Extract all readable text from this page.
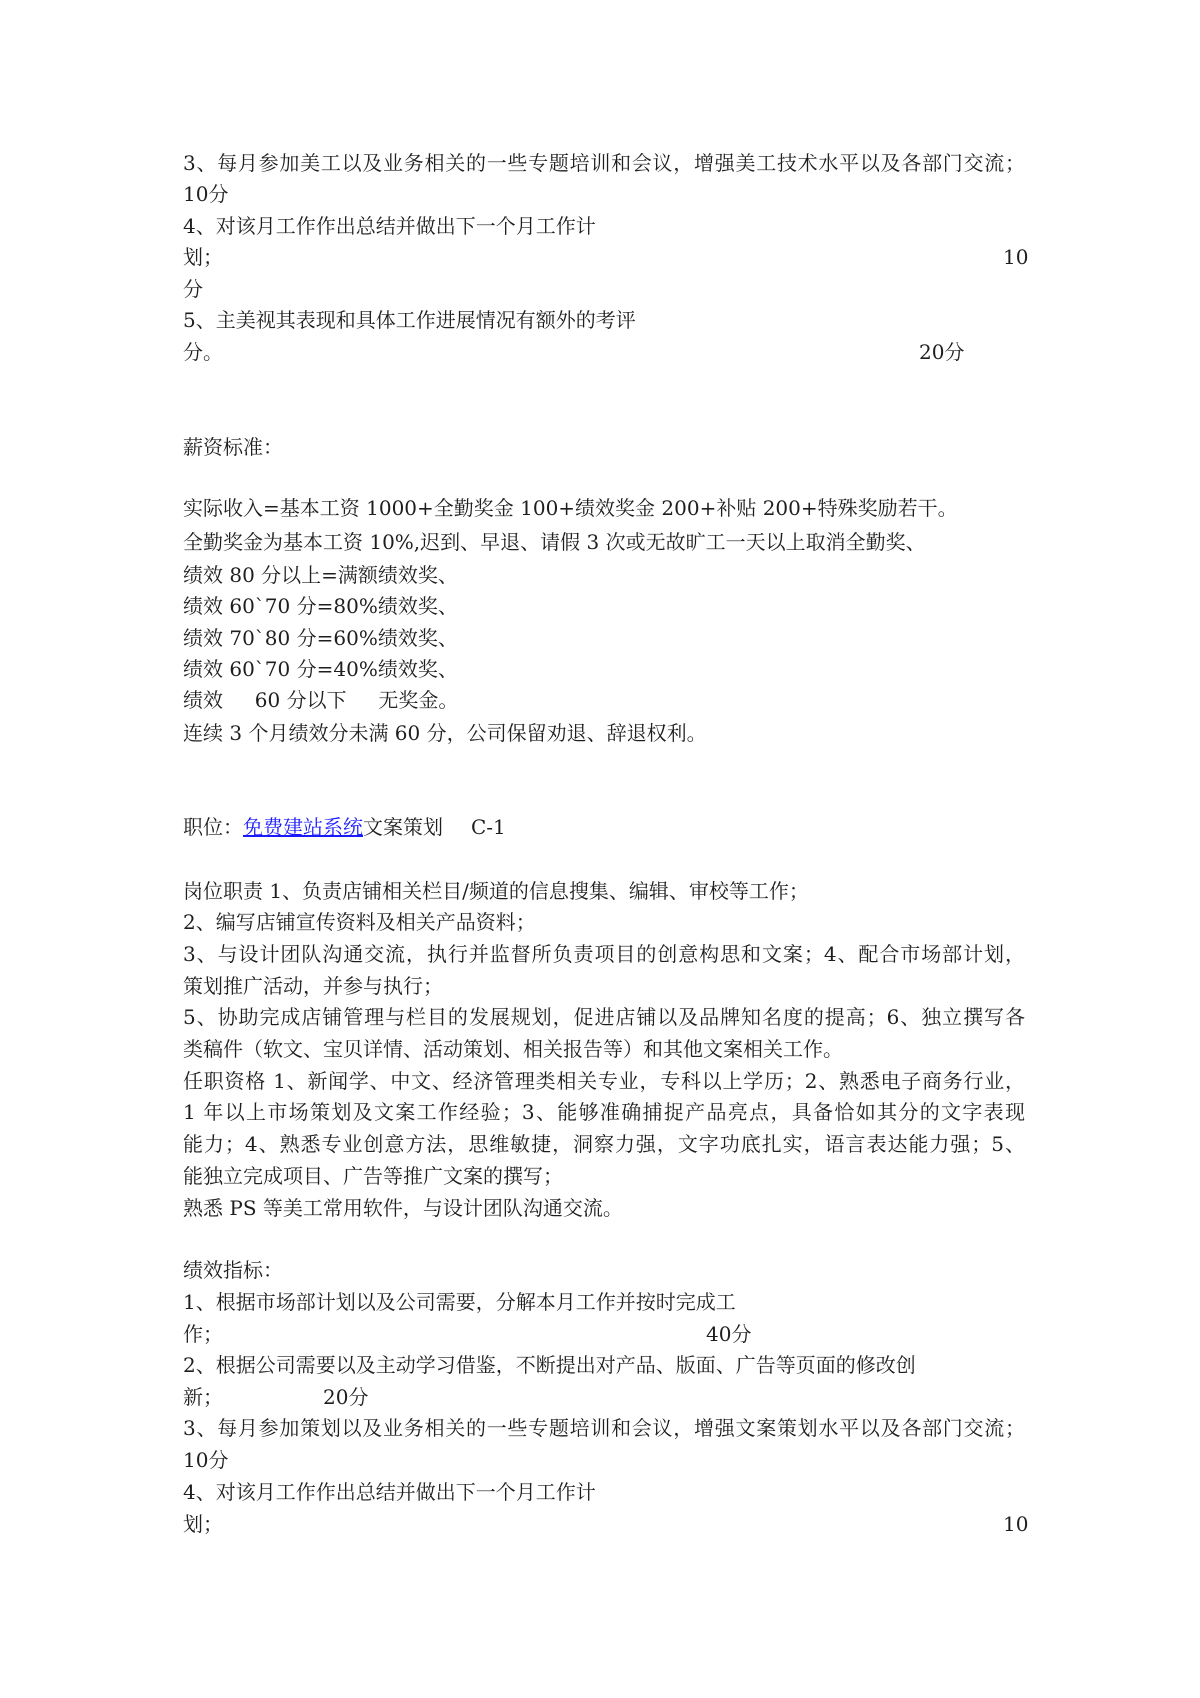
3、每月参加美工以及业务相关的一些专题培训和会议，增强美工技术水平以及各部门交流；
10分
4、对该月工作作出总结并做出下一个月工作计
划；	10
分
5、主美视其表现和具体工作进展情况有额外的考评
分。	20分
薪资标准：
实际收入=基本工资 1000+全勤奖金 100+绩效奖金 200+补贴 200+特殊奖励若干。
全勤奖金为基本工资 10%,迟到、早退、请假 3 次或无故旷工一天以上取消全勤奖、
绩效 80 分以上=满额绩效奖、
绩效 60`70 分=80%绩效奖、
绩效 70`80 分=60%绩效奖、
绩效 60`70 分=40%绩效奖、
绩效     60 分以下     无奖金。
连续 3 个月绩效分未满 60 分，公司保留劝退、辞退权利。
职位：免费建站系统文案策划 C-1
岗位职责 1、负责店铺相关栏目/频道的信息搜集、编辑、审校等工作；
2、编写店铺宣传资料及相关产品资料；
3、与设计团队沟通交流，执行并监督所负责项目的创意构思和文案；4、配合市场部计划，
策划推广活动，并参与执行；
5、协助完成店铺管理与栏目的发展规划，促进店铺以及品牌知名度的提高；6、独立撰写各
类稿件（软文、宝贝详情、活动策划、相关报告等）和其他文案相关工作。
任职资格 1、新闻学、中文、经济管理类相关专业，专科以上学历；2、熟悉电子商务行业，
1 年以上市场策划及文案工作经验；3、能够准确捕捉产品亮点，具备恰如其分的文字表现
能力；4、熟悉专业创意方法，思维敏捷，洞察力强，文字功底扎实，语言表达能力强；5、
能独立完成项目、广告等推广文案的撰写；
熟悉 PS 等美工常用软件，与设计团队沟通交流。
绩效指标：
1、根据市场部计划以及公司需要，分解本月工作并按时完成工
作；	40分
2、根据公司需要以及主动学习借鉴，不断提出对产品、版面、广告等页面的修改创
新；	20分
3、每月参加策划以及业务相关的一些专题培训和会议，增强文案策划水平以及各部门交流；
10分
4、对该月工作作出总结并做出下一个月工作计
划；	10
